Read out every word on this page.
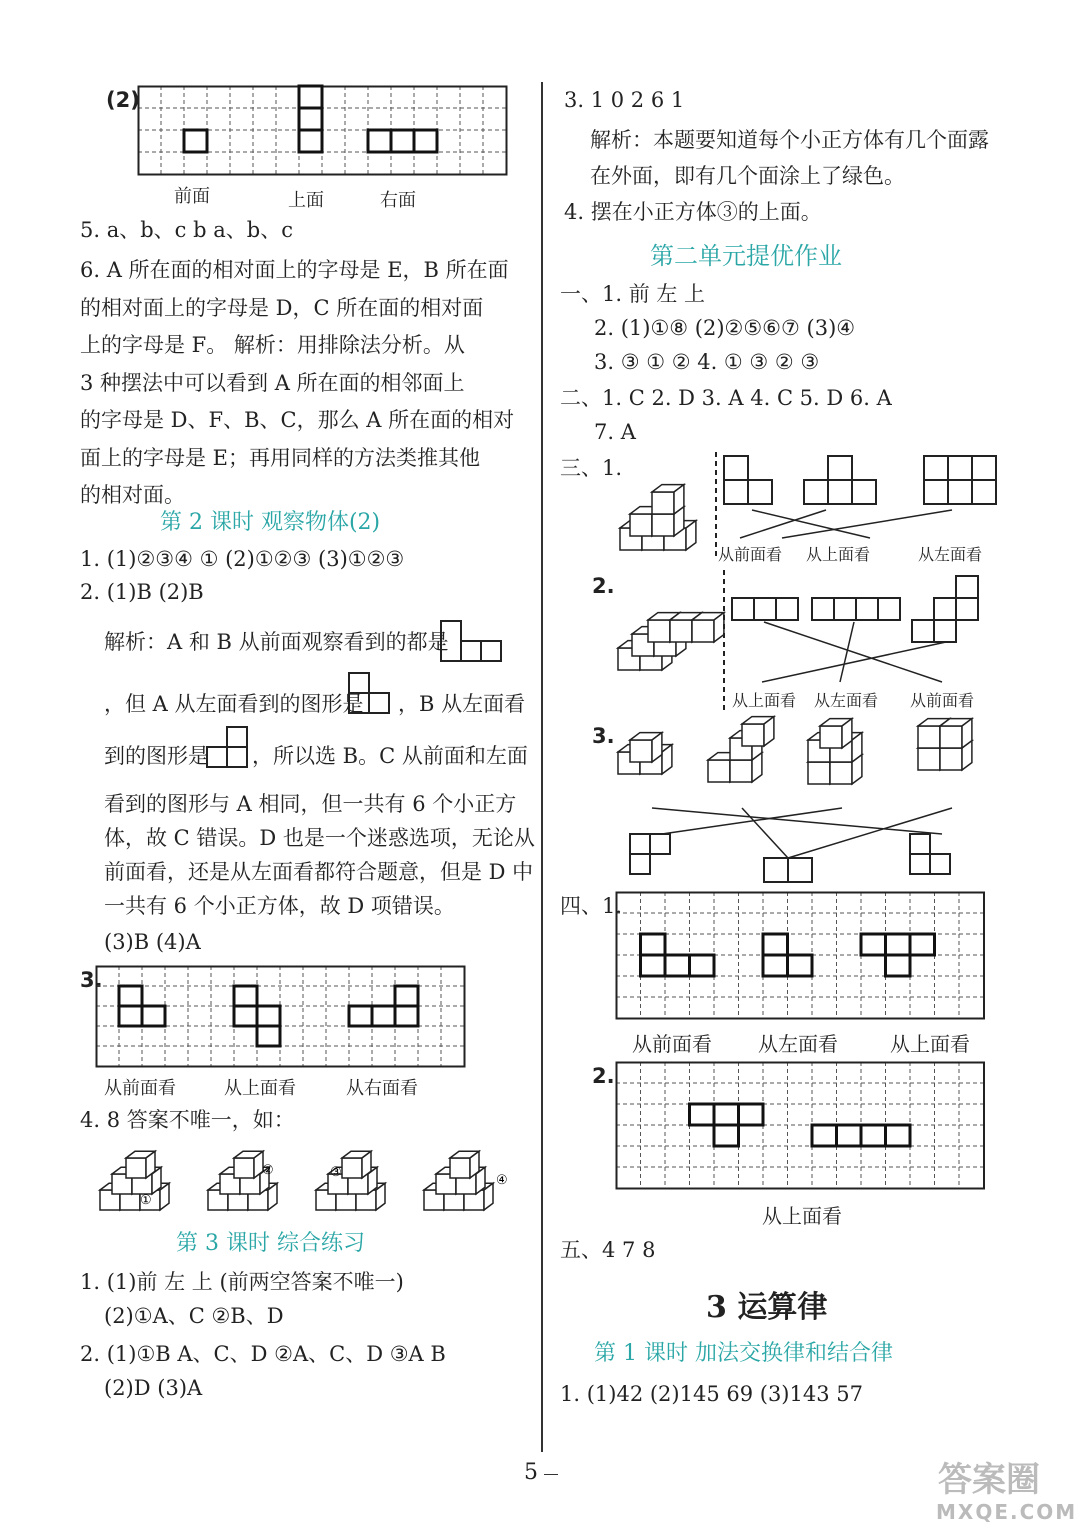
(2)
前面	上面	右面
5. a、b、c b a、b、c
6. A 所在面的相对面上的字母是 E，B 所在面
的相对面上的字母是 D，C 所在面的相对面
上的字母是 F。 解析：用排除法分析。从
3 种摆法中可以看到 A 所在面的相邻面上
的字母是 D、F、B、C，那么 A 所在面的相对
面上的字母是 E；再用同样的方法类推其他
的相对面。
第 2 课时 观察物体(2)
1. (1)②③④ ① (2)①②③ (3)①②③
2. (1)B (2)B
解析：A 和 B 从前面观察看到的都是
，但 A 从左面看到的图形是 ，B 从左面看
到的图形是 ，所以选 B。C 从前面和左面
看到的图形与 A 相同，但一共有 6 个小正方
体，故 C 错误。D 也是一个迷惑选项，无论从
前面看，还是从左面看都符合题意，但是 D 中
一共有 6 个小正方体，故 D 项错误。
(3)B (4)A
3.
从前面看	从上面看	从右面看
4. 8 答案不唯一，如：
①
②	③
④
第 3 课时 综合练习
1. (1)前 左 上 (前两空答案不唯一)
(2)①A、C ②B、D
2. (1)①B A、C、D ②A、C、D ③A B
(2)D (3)A
3. 1 0 2 6 1
解析：本题要知道每个小正方体有几个面露
在外面，即有几个面涂上了绿色。
4. 摆在小正方体③的上面。
第二单元提优作业
一、1. 前 左 上
2. (1)①⑧ (2)②⑤⑥⑦ (3)④
3. ③ ① ② 4. ① ③ ② ③
二、1. C 2. D 3. A 4. C 5. D 6. A
7. A
三、1.
从前面看 从上面看	从左面看
2.
从上面看 从左面看 从前面看
3.
四、1.
从前面看 从左面看	从上面看
2.
从上面看
五、4 7 8
3 运算律
第 1 课时 加法交换律和结合律
1. (1)42 (2)145 69 (3)143 57
5	答案圈
MXQE.COM
